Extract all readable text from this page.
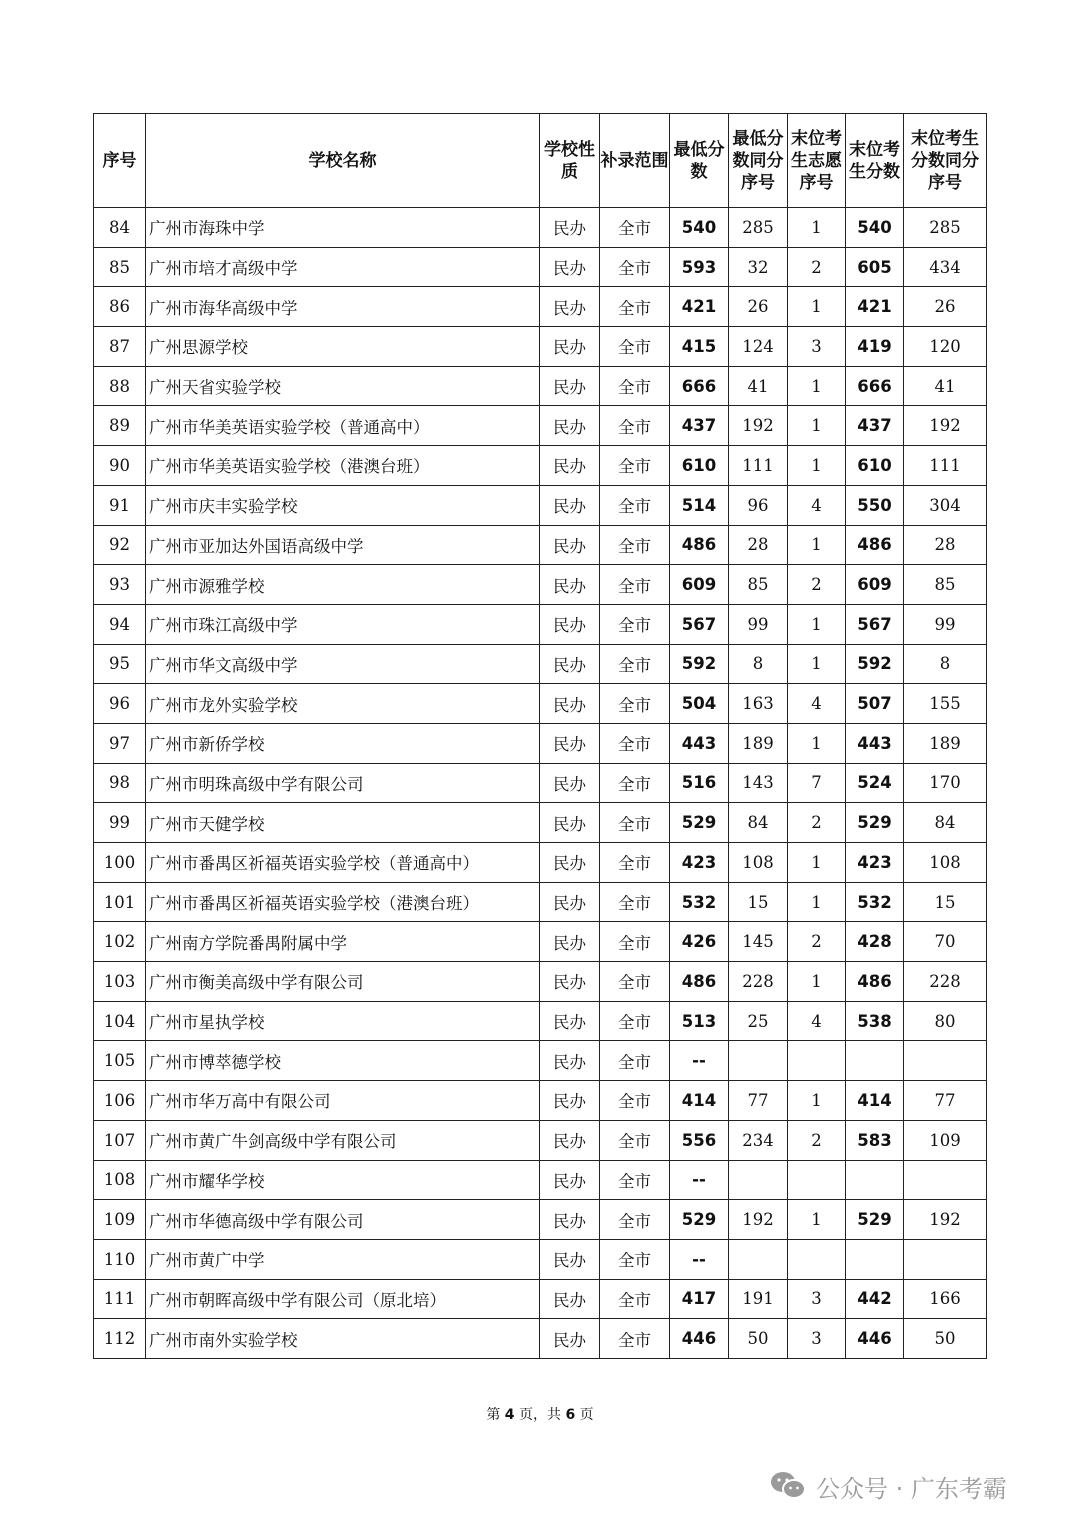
序号	学校名称	学校性质	补录范围	最低分数	最低分数同分序号	末位考生志愿序号	末位考生分数	末位考生分数同分序号
84	广州市海珠中学	民办	全市	540	285	1	540	285
85	广州市培才高级中学	民办	全市	593	32	2	605	434
86	广州市海华高级中学	民办	全市	421	26	1	421	26
87	广州思源学校	民办	全市	415	124	3	419	120
88	广州天省实验学校	民办	全市	666	41	1	666	41
89	广州市华美英语实验学校（普通高中）	民办	全市	437	192	1	437	192
90	广州市华美英语实验学校（港澳台班）	民办	全市	610	111	1	610	111
91	广州市庆丰实验学校	民办	全市	514	96	4	550	304
92	广州市亚加达外国语高级中学	民办	全市	486	28	1	486	28
93	广州市源雅学校	民办	全市	609	85	2	609	85
94	广州市珠江高级中学	民办	全市	567	99	1	567	99
95	广州市华文高级中学	民办	全市	592	8	1	592	8
96	广州市龙外实验学校	民办	全市	504	163	4	507	155
97	广州市新侨学校	民办	全市	443	189	1	443	189
98	广州市明珠高级中学有限公司	民办	全市	516	143	7	524	170
99	广州市天健学校	民办	全市	529	84	2	529	84
100	广州市番禺区祈福英语实验学校（普通高中）	民办	全市	423	108	1	423	108
101	广州市番禺区祈福英语实验学校（港澳台班）	民办	全市	532	15	1	532	15
102	广州南方学院番禺附属中学	民办	全市	426	145	2	428	70
103	广州市衡美高级中学有限公司	民办	全市	486	228	1	486	228
104	广州市星执学校	民办	全市	513	25	4	538	80
105	广州市博萃德学校	民办	全市	--				
106	广州市华万高中有限公司	民办	全市	414	77	1	414	77
107	广州市黄广牛剑高级中学有限公司	民办	全市	556	234	2	583	109
108	广州市耀华学校	民办	全市	--				
109	广州市华德高级中学有限公司	民办	全市	529	192	1	529	192
110	广州市黄广中学	民办	全市	--				
111	广州市朝晖高级中学有限公司（原北培）	民办	全市	417	191	3	442	166
112	广州市南外实验学校	民办	全市	446	50	3	446	50
第 4 页，共 6 页
公众号 · 广东考霸
